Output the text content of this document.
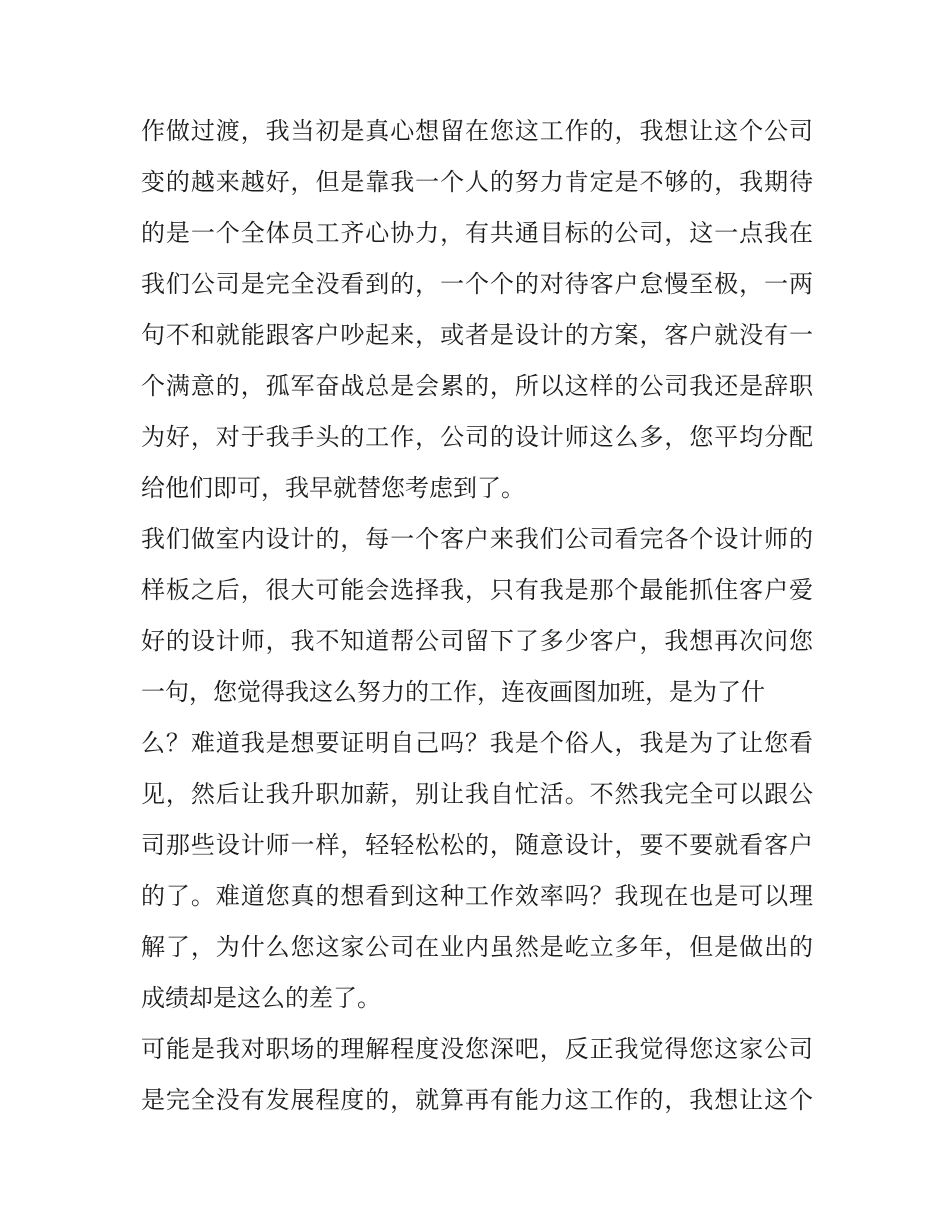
作做过渡，我当初是真心想留在您这工作的，我想让这个公司
变的越来越好，但是靠我一个人的努力肯定是不够的，我期待
的是一个全体员工齐心协力，有共通目标的公司，这一点我在
我们公司是完全没看到的，一个个的对待客户怠慢至极，一两
句不和就能跟客户吵起来，或者是设计的方案，客户就没有一
个满意的，孤军奋战总是会累的，所以这样的公司我还是辞职
为好，对于我手头的工作，公司的设计师这么多，您平均分配
给他们即可，我早就替您考虑到了。
我们做室内设计的，每一个客户来我们公司看完各个设计师的
样板之后，很大可能会选择我，只有我是那个最能抓住客户爱
好的设计师，我不知道帮公司留下了多少客户，我想再次问您
一句，您觉得我这么努力的工作，连夜画图加班，是为了什
么？难道我是想要证明自己吗？我是个俗人，我是为了让您看
见，然后让我升职加薪，别让我自忙活。不然我完全可以跟公
司那些设计师一样，轻轻松松的，随意设计，要不要就看客户
的了。难道您真的想看到这种工作效率吗？我现在也是可以理
解了，为什么您这家公司在业内虽然是屹立多年，但是做出的
成绩却是这么的差了。
可能是我对职场的理解程度没您深吧，反正我觉得您这家公司
是完全没有发展程度的，就算再有能力这工作的，我想让这个
